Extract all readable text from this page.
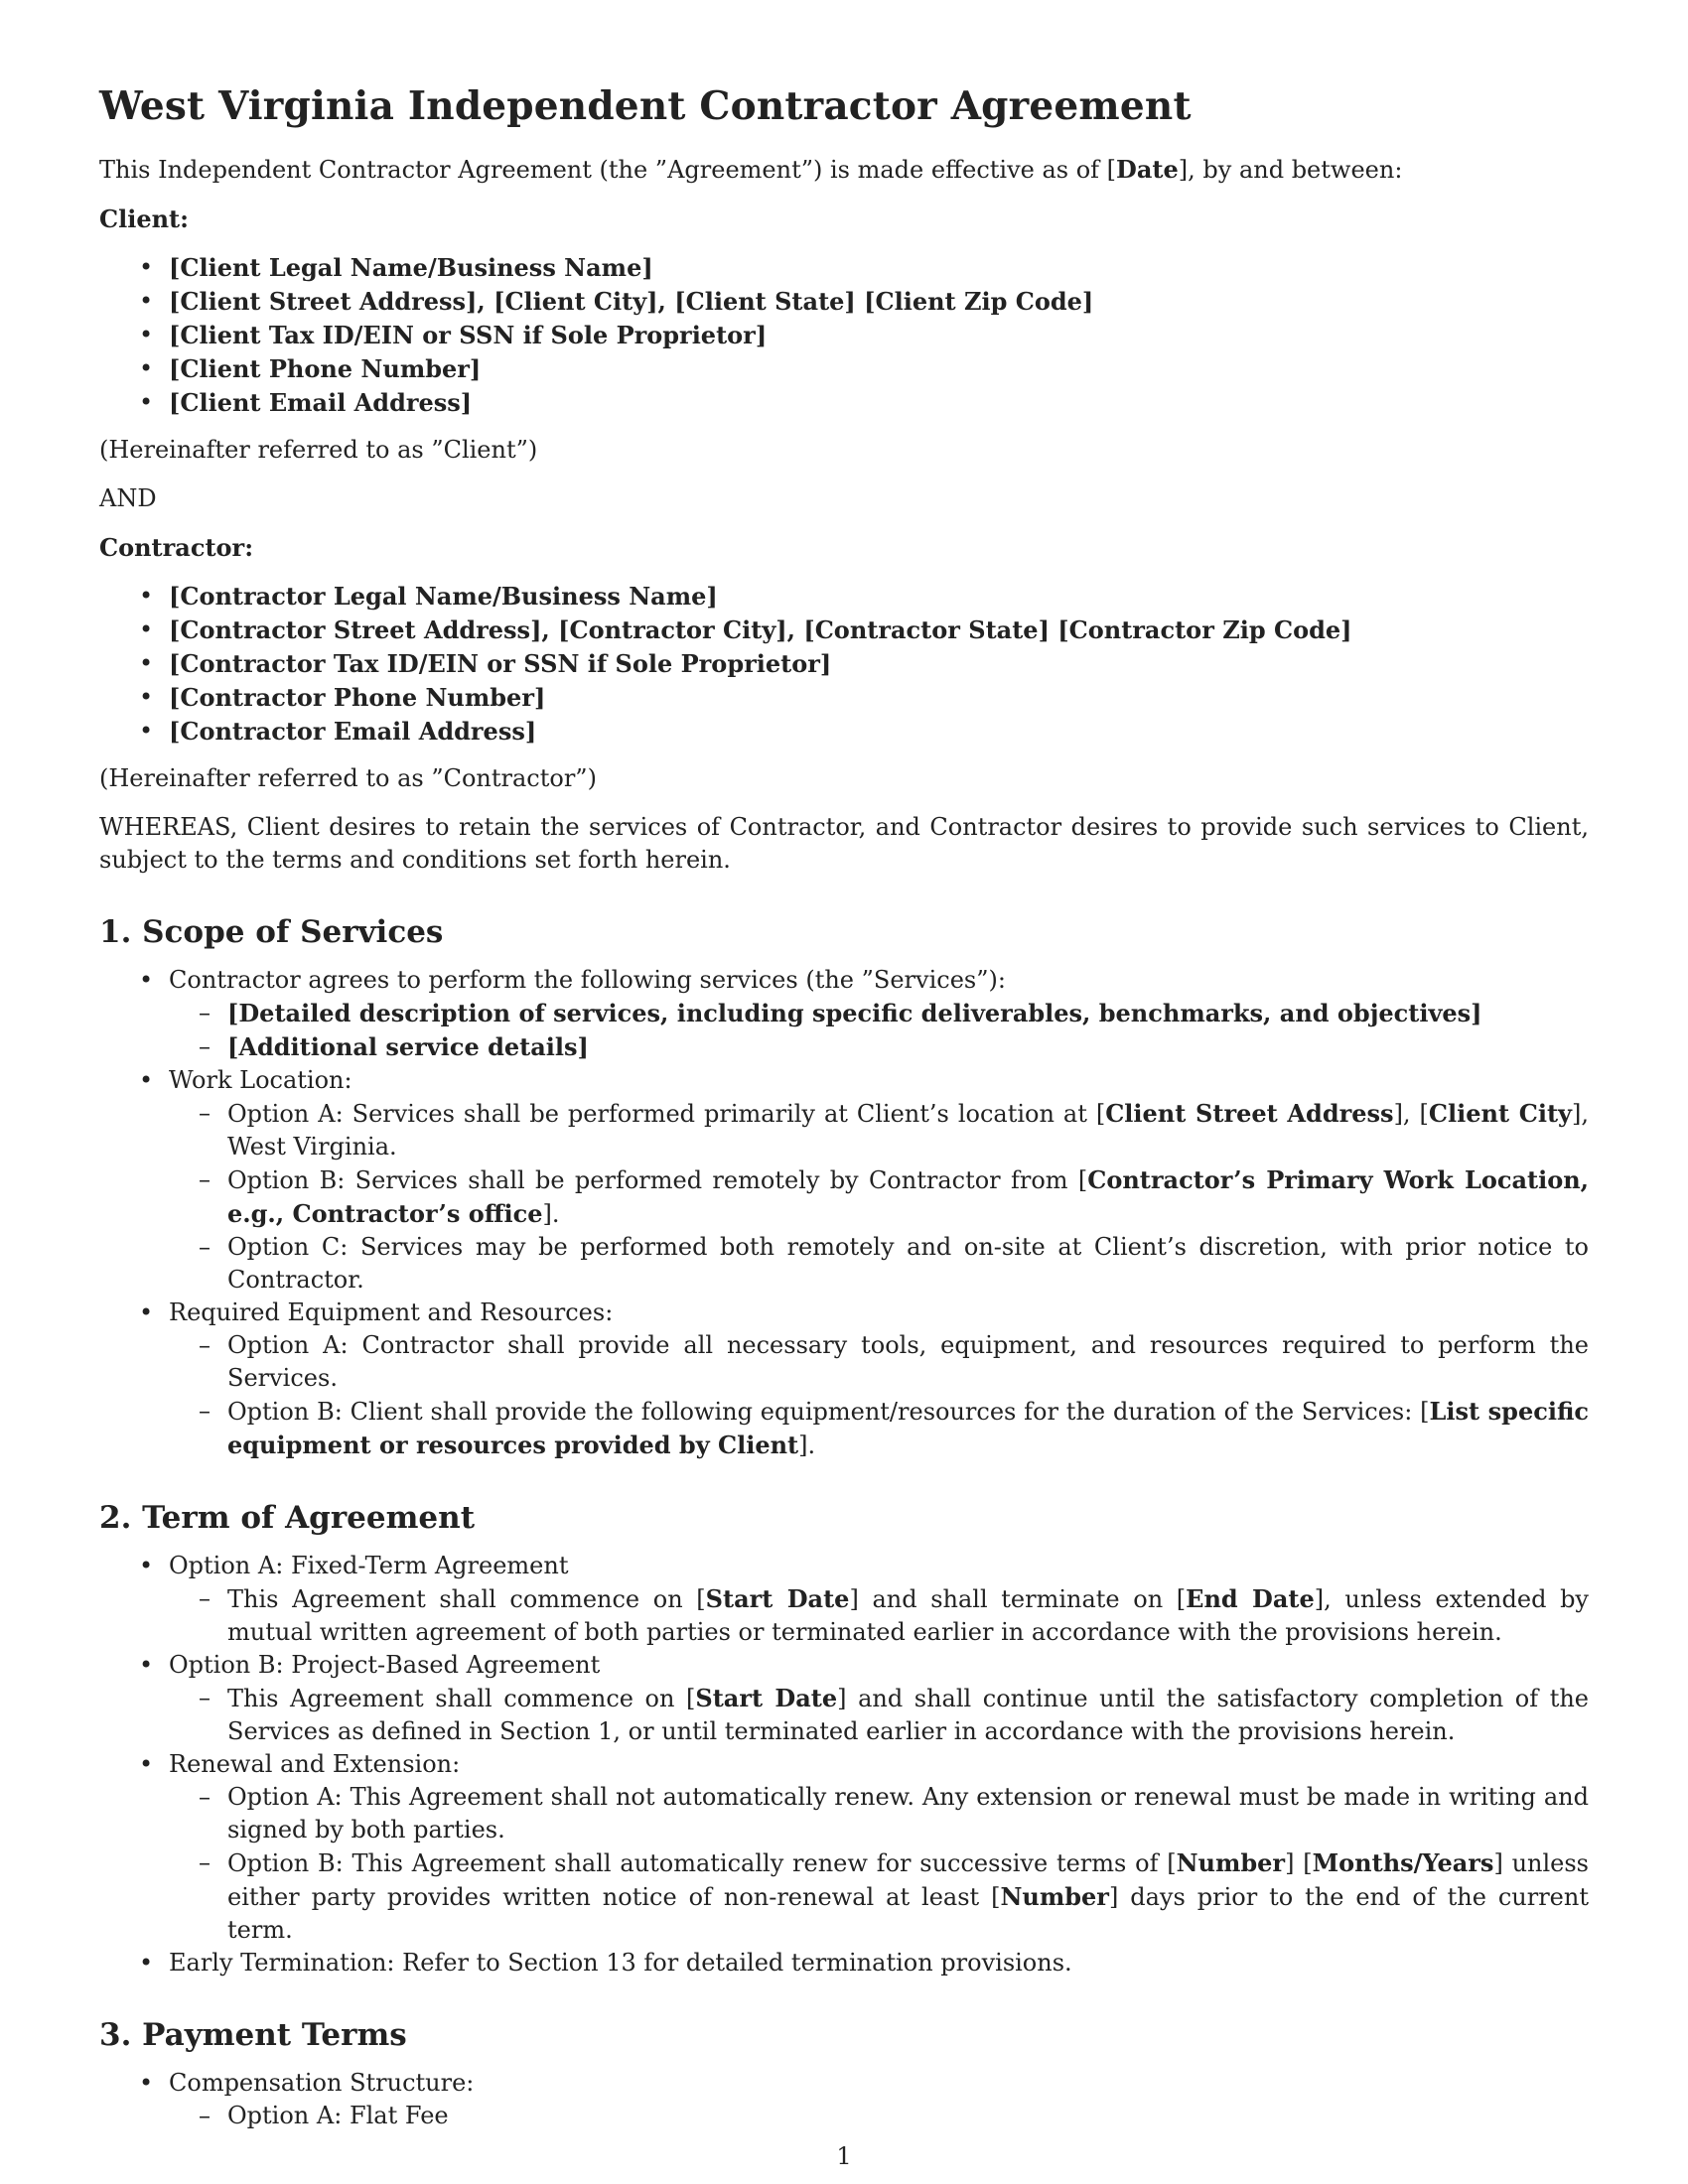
West Virginia Independent Contractor Agreement

This Independent Contractor Agreement (the ”Agreement”) is made effective as of [Date], by and between:

Client:

• [Client Legal Name/Business Name]
• [Client Street Address], [Client City], [Client State] [Client Zip Code]
• [Client Tax ID/EIN or SSN if Sole Proprietor]
• [Client Phone Number]
• [Client Email Address]

(Hereinafter referred to as ”Client”)

AND

Contractor:

• [Contractor Legal Name/Business Name]
• [Contractor Street Address], [Contractor City], [Contractor State] [Contractor Zip Code]
• [Contractor Tax ID/EIN or SSN if Sole Proprietor]
• [Contractor Phone Number]
• [Contractor Email Address]

(Hereinafter referred to as ”Contractor”)

WHEREAS, Client desires to retain the services of Contractor, and Contractor desires to provide such services to Client, subject to the terms and conditions set forth herein.

1. Scope of Services
• Contractor agrees to perform the following services (the ”Services”):
– [Detailed description of services, including specific deliverables, benchmarks, and objectives]
– [Additional service details]
• Work Location:
– Option A: Services shall be performed primarily at Client’s location at [Client Street Address], [Client City], West Virginia.
– Option B: Services shall be performed remotely by Contractor from [Contractor’s Primary Work Location, e.g., Contractor’s office].
– Option C: Services may be performed both remotely and on-site at Client’s discretion, with prior notice to Contractor.
• Required Equipment and Resources:
– Option A: Contractor shall provide all necessary tools, equipment, and resources required to perform the Services.
– Option B: Client shall provide the following equipment/resources for the duration of the Services: [List specific equipment or resources provided by Client].
2. Term of Agreement
• Option A: Fixed-Term Agreement
– This Agreement shall commence on [Start Date] and shall terminate on [End Date], unless extended by mutual written agreement of both parties or terminated earlier in accordance with the provisions herein.
• Option B: Project-Based Agreement
– This Agreement shall commence on [Start Date] and shall continue until the satisfactory completion of the Services as defined in Section 1, or until terminated earlier in accordance with the provisions herein.
• Renewal and Extension:
– Option A: This Agreement shall not automatically renew. Any extension or renewal must be made in writing and signed by both parties.
– Option B: This Agreement shall automatically renew for successive terms of [Number] [Months/Years] unless either party provides written notice of non-renewal at least [Number] days prior to the end of the current term.
• Early Termination: Refer to Section 13 for detailed termination provisions.
3. Payment Terms
• Compensation Structure:
– Option A: Flat Fee
1
